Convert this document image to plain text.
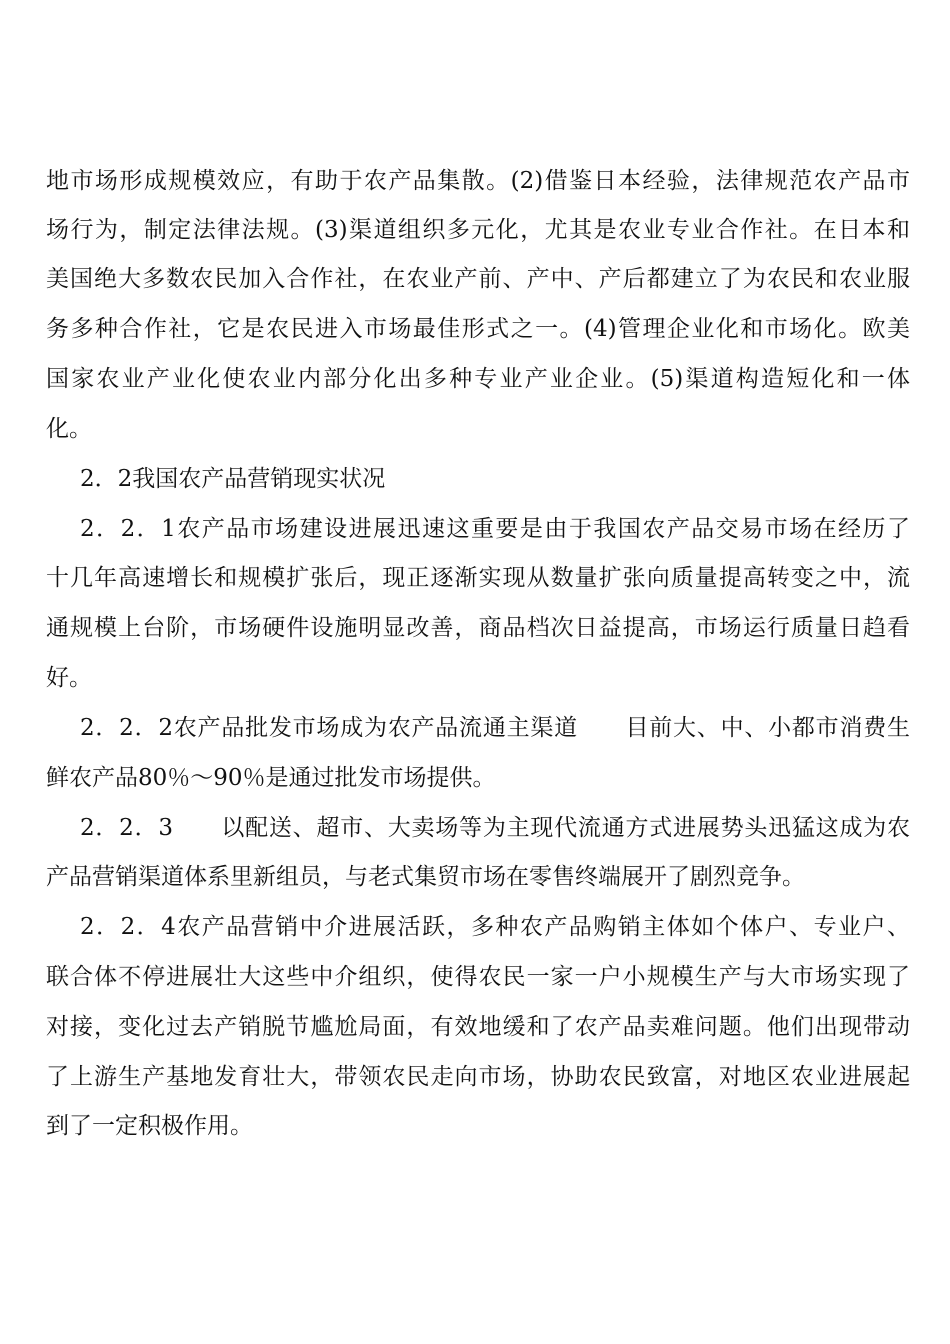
地市场形成规模效应，有助于农产品集散。(2)借鉴日本经验，法律规范农产品市
场行为，制定法律法规。(3)渠道组织多元化，尤其是农业专业合作社。在日本和
美国绝大多数农民加入合作社，在农业产前、产中、产后都建立了为农民和农业服
务多种合作社，它是农民进入市场最佳形式之一。(4)管理企业化和市场化。欧美
国家农业产业化使农业内部分化出多种专业产业企业。(5)渠道构造短化和一体
化。
2．2我国农产品营销现实状况
2．2．1农产品市场建设进展迅速这重要是由于我国农产品交易市场在经历了
十几年高速增长和规模扩张后，现正逐渐实现从数量扩张向质量提高转变之中，流
通规模上台阶，市场硬件设施明显改善，商品档次日益提高，市场运行质量日趋看
好。
2．2．2农产品批发市场成为农产品流通主渠道　　目前大、中、小都市消费生
鲜农产品80％～90％是通过批发市场提供。
2．2．3　　以配送、超市、大卖场等为主现代流通方式进展势头迅猛这成为农
产品营销渠道体系里新组员，与老式集贸市场在零售终端展开了剧烈竞争。
2．2．4农产品营销中介进展活跃，多种农产品购销主体如个体户、专业户、
联合体不停进展壮大这些中介组织，使得农民一家一户小规模生产与大市场实现了
对接，变化过去产销脱节尴尬局面，有效地缓和了农产品卖难问题。他们出现带动
了上游生产基地发育壮大，带领农民走向市场，协助农民致富，对地区农业进展起
到了一定积极作用。
